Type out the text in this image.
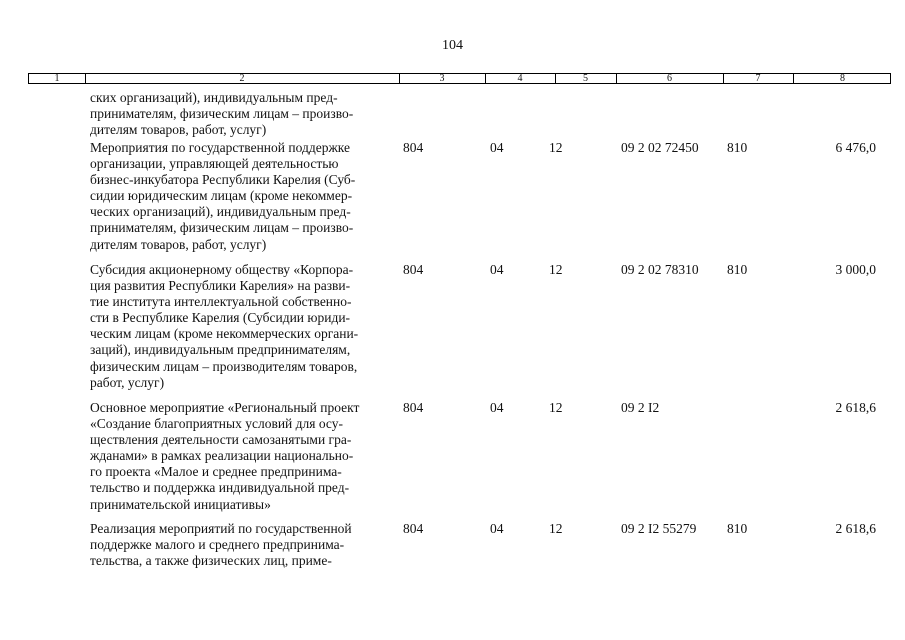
104
1	2	3	4	5	6	7	8
ских организаций), индивидуальным пред-
принимателям, физическим лицам – произво-
дителям товаров, работ, услуг)
Мероприятия по государственной поддержке
организации, управляющей деятельностью
бизнес-инкубатора Республики Карелия (Суб-
сидии юридическим лицам (кроме некоммер-
ческих организаций), индивидуальным пред-
принимателям, физическим лицам – произво-
дителям товаров, работ, услуг)
804	04	12	09 2 02 72450 810	6 476,0
Субсидия акционерному обществу «Корпора-
ция развития Республики Карелия» на разви-
тие института интеллектуальной собственно-
сти в Республике Карелия (Субсидии юриди-
ческим лицам (кроме некоммерческих органи-
заций), индивидуальным предпринимателям,
физическим лицам – производителям товаров,
работ, услуг)
804	04	12	09 2 02 78310 810	3 000,0
Основное мероприятие «Региональный проект
«Создание благоприятных условий для осу-
ществления деятельности самозанятыми гра-
жданами» в рамках реализации национально-
го проекта «Малое и среднее предпринима-
тельство и поддержка индивидуальной пред-
принимательской инициативы»
804	04	12	09 2 I2	2 618,6
Реализация мероприятий по государственной
поддержке малого и среднего предпринима-
тельства, а также физических лиц, приме-
804	04	12	09 2 I2 55279 810	2 618,6
